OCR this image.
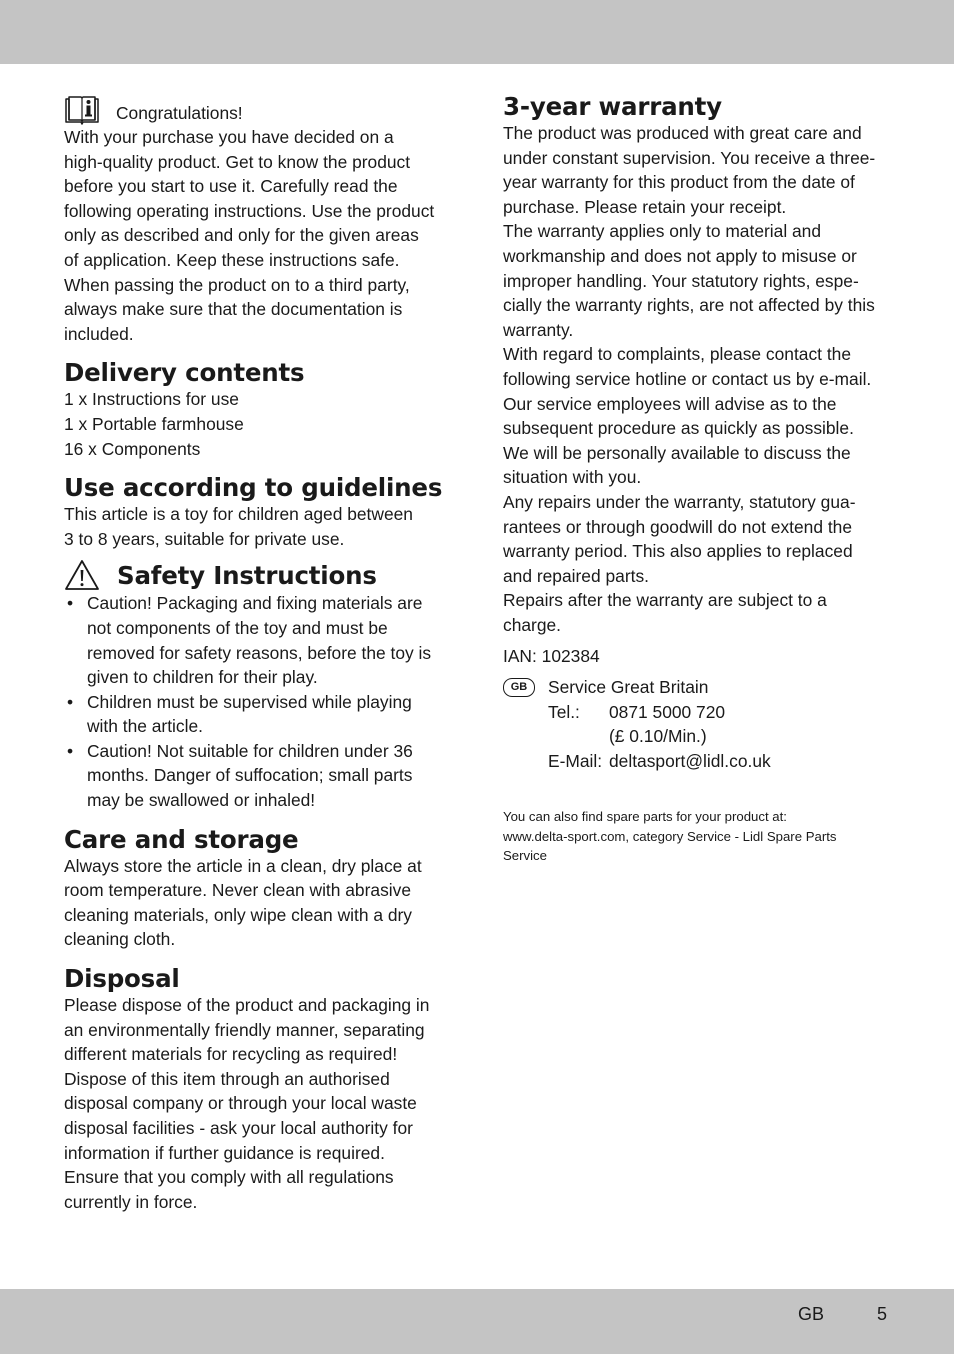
Congratulations!

With your purchase you have decided on a
high-quality product. Get to know the product
before you start to use it. Carefully read the
following operating instructions. Use the product
only as described and only for the given areas
of application. Keep these instructions safe.
When passing the product on to a third party,
always make sure that the documentation is
included.

Delivery contents

1 x Instructions for use

1 x Portable farmhouse

16 x Components

Use according to guidelines

This article is a toy for children aged between
3 to 8 years, suitable for private use.

Safety Instructions
• Caution! Packaging and fixing materials are
not components of the toy and must be
removed for safety reasons, before the toy is
given to children for their play.
• Children must be supervised while playing
with the article.
• Caution! Not suitable for children under 36
months. Danger of suffocation; small parts
may be swallowed or inhaled!
Care and storage

Always store the article in a clean, dry place at
room temperature. Never clean with abrasive
cleaning materials, only wipe clean with a dry
cleaning cloth.

Disposal

Please dispose of the product and packaging in
an environmentally friendly manner, separating
different materials for recycling as required!
Dispose of this item through an authorised
disposal company or through your local waste
disposal facilities - ask your local authority for
information if further guidance is required.
Ensure that you comply with all regulations
currently in force.

3-year warranty

The product was produced with great care and
under constant supervision. You receive a three-
year warranty for this product from the date of
purchase. Please retain your receipt.
The warranty applies only to material and
workmanship and does not apply to misuse or
improper handling. Your statutory rights, espe-
cially the warranty rights, are not affected by this
warranty.
With regard to complaints, please contact the
following service hotline or contact us by e-mail.
Our service employees will advise as to the
subsequent procedure as quickly as possible.
We will be personally available to discuss the
situation with you.
Any repairs under the warranty, statutory gua-
rantees or through goodwill do not extend the
warranty period. This also applies to replaced
and repaired parts.
Repairs after the warranty are subject to a
charge.

IAN: 102384

GB	Service Great Britain
Tel.:	0871 5000 720
(£ 0.10/Min.)
E-Mail: deltasport@lidl.co.uk

You can also find spare parts for your product at:
www.delta-sport.com, category Service - Lidl Spare Parts
Service

GB	5
